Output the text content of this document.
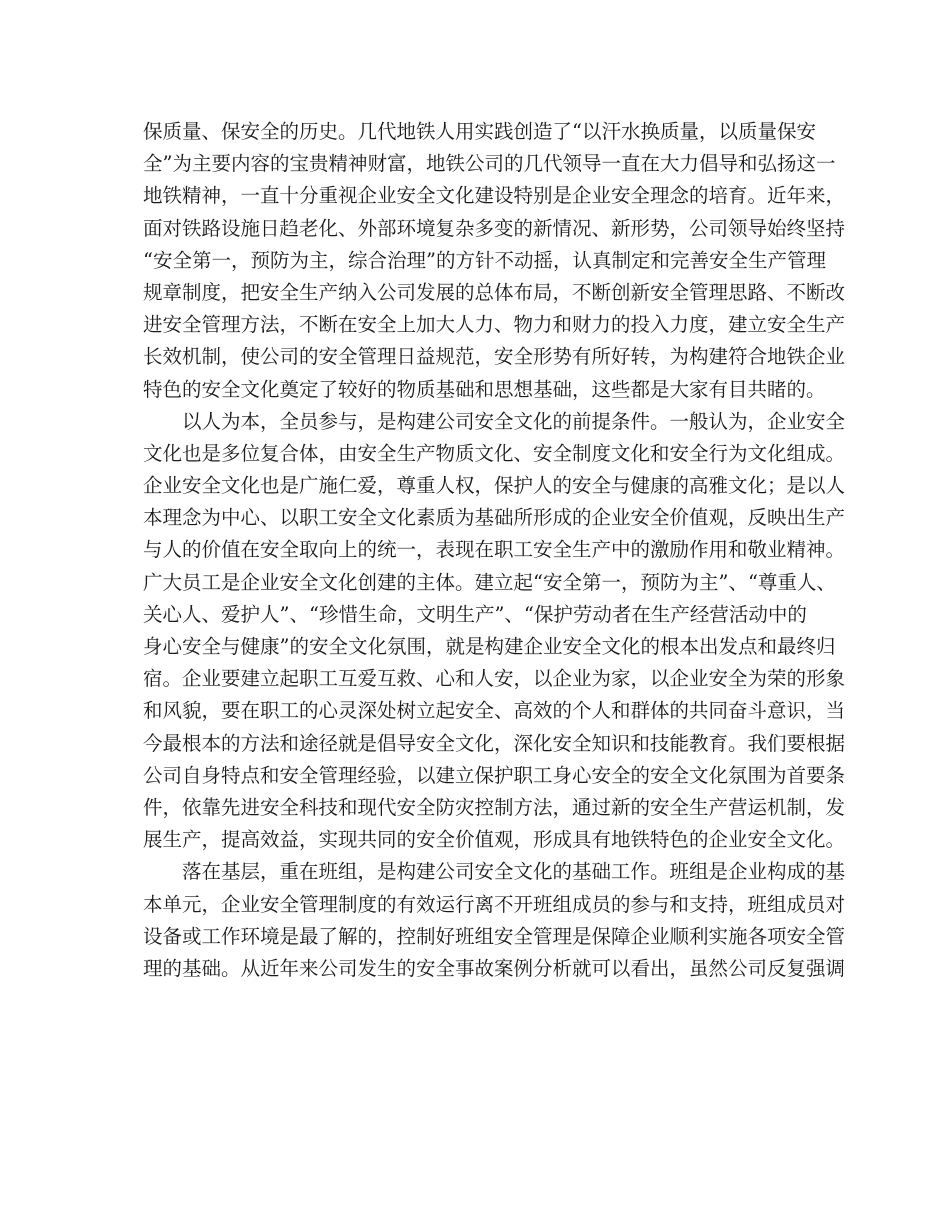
保质量、保安全的历史。几代地铁人用实践创造了“以汗水换质量，以质量保安
全”为主要内容的宝贵精神财富，地铁公司的几代领导一直在大力倡导和弘扬这一
地铁精神，一直十分重视企业安全文化建设特别是企业安全理念的培育。近年来，
面对铁路设施日趋老化、外部环境复杂多变的新情况、新形势，公司领导始终坚持
“安全第一，预防为主，综合治理”的方针不动摇，认真制定和完善安全生产管理
规章制度，把安全生产纳入公司发展的总体布局，不断创新安全管理思路、不断改
进安全管理方法，不断在安全上加大人力、物力和财力的投入力度，建立安全生产
长效机制，使公司的安全管理日益规范，安全形势有所好转，为构建符合地铁企业
特色的安全文化奠定了较好的物质基础和思想基础，这些都是大家有目共睹的。
以人为本，全员参与，是构建公司安全文化的前提条件。一般认为，企业安全
文化也是多位复合体，由安全生产物质文化、安全制度文化和安全行为文化组成。
企业安全文化也是广施仁爱，尊重人权，保护人的安全与健康的高雅文化；是以人
本理念为中心、以职工安全文化素质为基础所形成的企业安全价值观，反映出生产
与人的价值在安全取向上的统一，表现在职工安全生产中的激励作用和敬业精神。
广大员工是企业安全文化创建的主体。建立起“安全第一，预防为主”、“尊重人、
关心人、爱护人”、“珍惜生命，文明生产”、“保护劳动者在生产经营活动中的
身心安全与健康”的安全文化氛围，就是构建企业安全文化的根本出发点和最终归
宿。企业要建立起职工互爱互救、心和人安，以企业为家，以企业安全为荣的形象
和风貌，要在职工的心灵深处树立起安全、高效的个人和群体的共同奋斗意识，当
今最根本的方法和途径就是倡导安全文化，深化安全知识和技能教育。我们要根据
公司自身特点和安全管理经验，以建立保护职工身心安全的安全文化氛围为首要条
件，依靠先进安全科技和现代安全防灾控制方法，通过新的安全生产营运机制，发
展生产，提高效益，实现共同的安全价值观，形成具有地铁特色的企业安全文化。
落在基层，重在班组，是构建公司安全文化的基础工作。班组是企业构成的基
本单元，企业安全管理制度的有效运行离不开班组成员的参与和支持，班组成员对
设备或工作环境是最了解的，控制好班组安全管理是保障企业顺利实施各项安全管
理的基础。从近年来公司发生的安全事故案例分析就可以看出，虽然公司反复强调
